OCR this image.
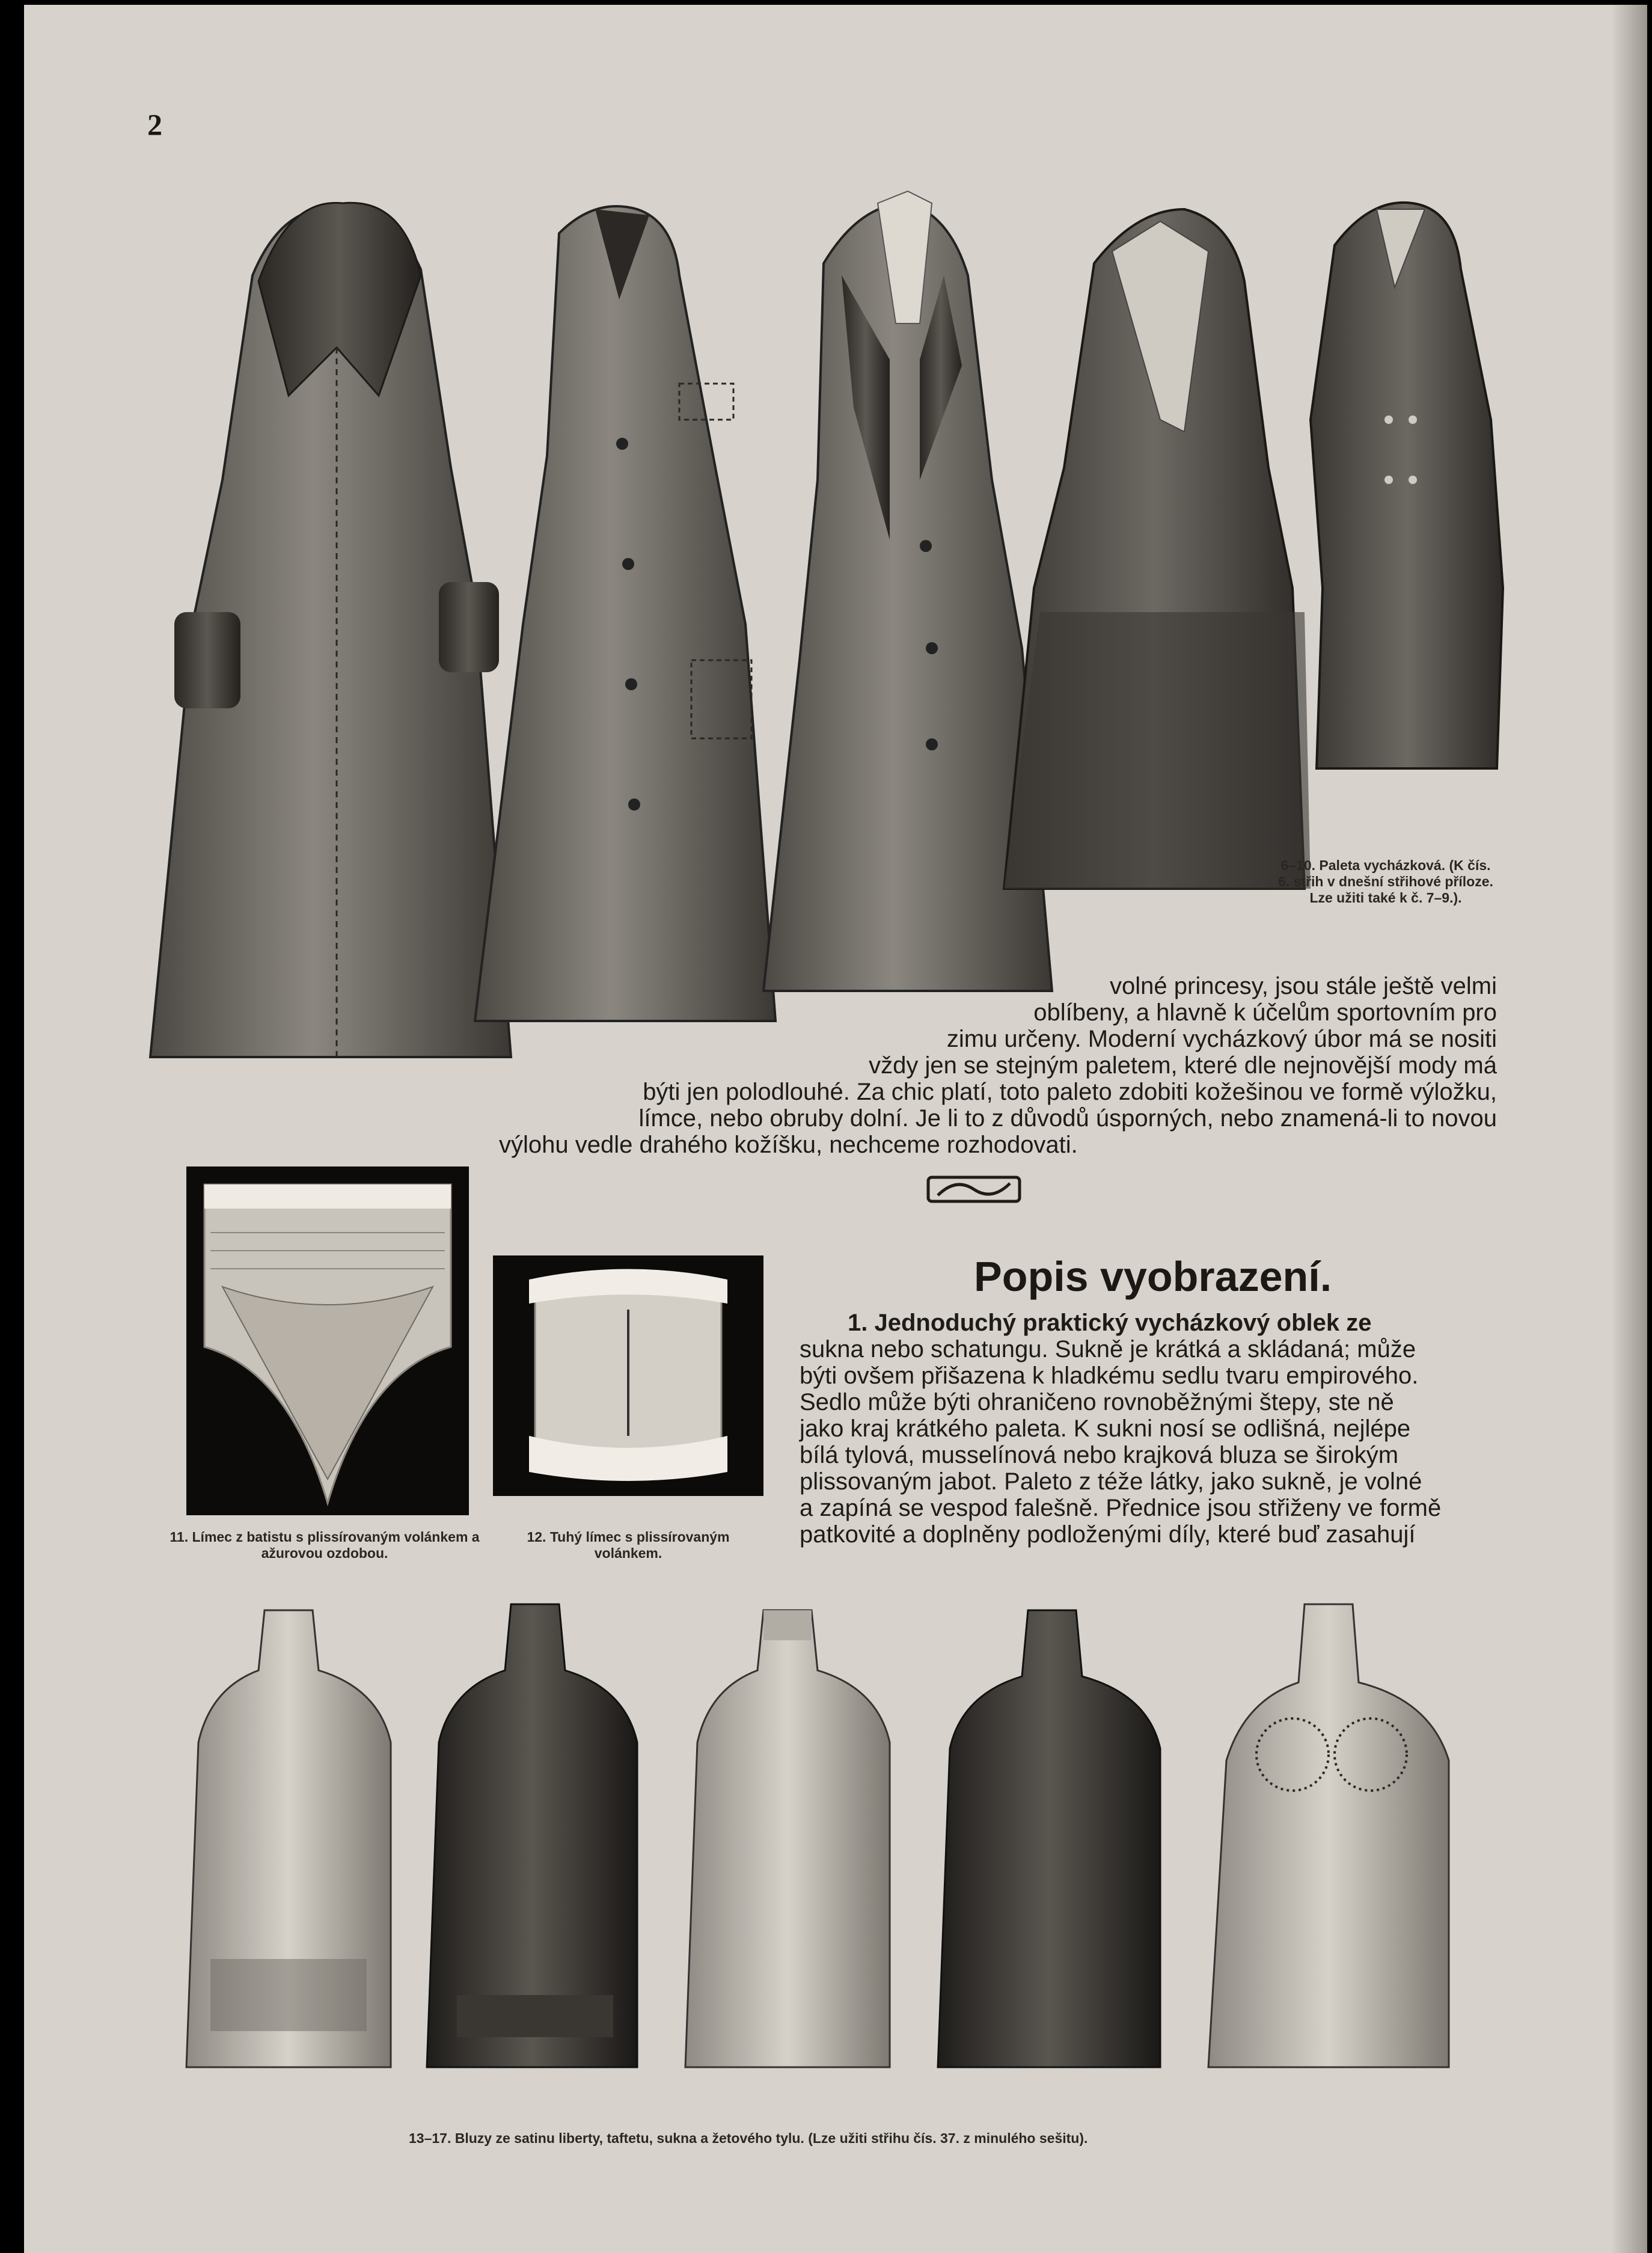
2
6–10. Paleta vycházková. (K čís. 6. střih v dnešní střihové příloze. Lze užiti také k č. 7–9.).

volné princesy, jsou stále ještě velmi

oblíbeny, a hlavně k účelům sportovním pro

zimu určeny. Moderní vycházkový úbor má se nositi

vždy jen se stejným paletem, které dle nejnovější mody má

býti jen polodlouhé. Za chic platí, toto paleto zdobiti kožešinou ve formě výložku,

límce, nebo obruby dolní. Je li to z důvodů úsporných, nebo znamená-li to novou

výlohu vedle drahého kožíšku, nechceme rozhodovati.

11. Límec z batistu s plissírovaným volánkem a ažurovou ozdobou.
12. Tuhý límec s plissírovaným volánkem.
Popis vyobrazení.

1. Jednoduchý praktický vycházkový oblek ze

sukna nebo schatungu. Sukně je krátká a skládaná; může

býti ovšem přišazena k hladkému sedlu tvaru empirového.

Sedlo může býti ohraničeno rovnoběžnými štepy, ste ně

jako kraj krátkého paleta. K sukni nosí se odlišná, nejlépe

bílá tylová, musselínová nebo krajková bluza se širokým

plissovaným jabot. Paleto z téže látky, jako sukně, je volné

a zapíná se vespod falešně. Přednice jsou střiženy ve formě

patkovité a doplněny podloženými díly, které buď zasahují

13–17. Bluzy ze satinu liberty, taftetu, sukna a žetového tylu. (Lze užiti střihu čís. 37. z minulého sešitu).
